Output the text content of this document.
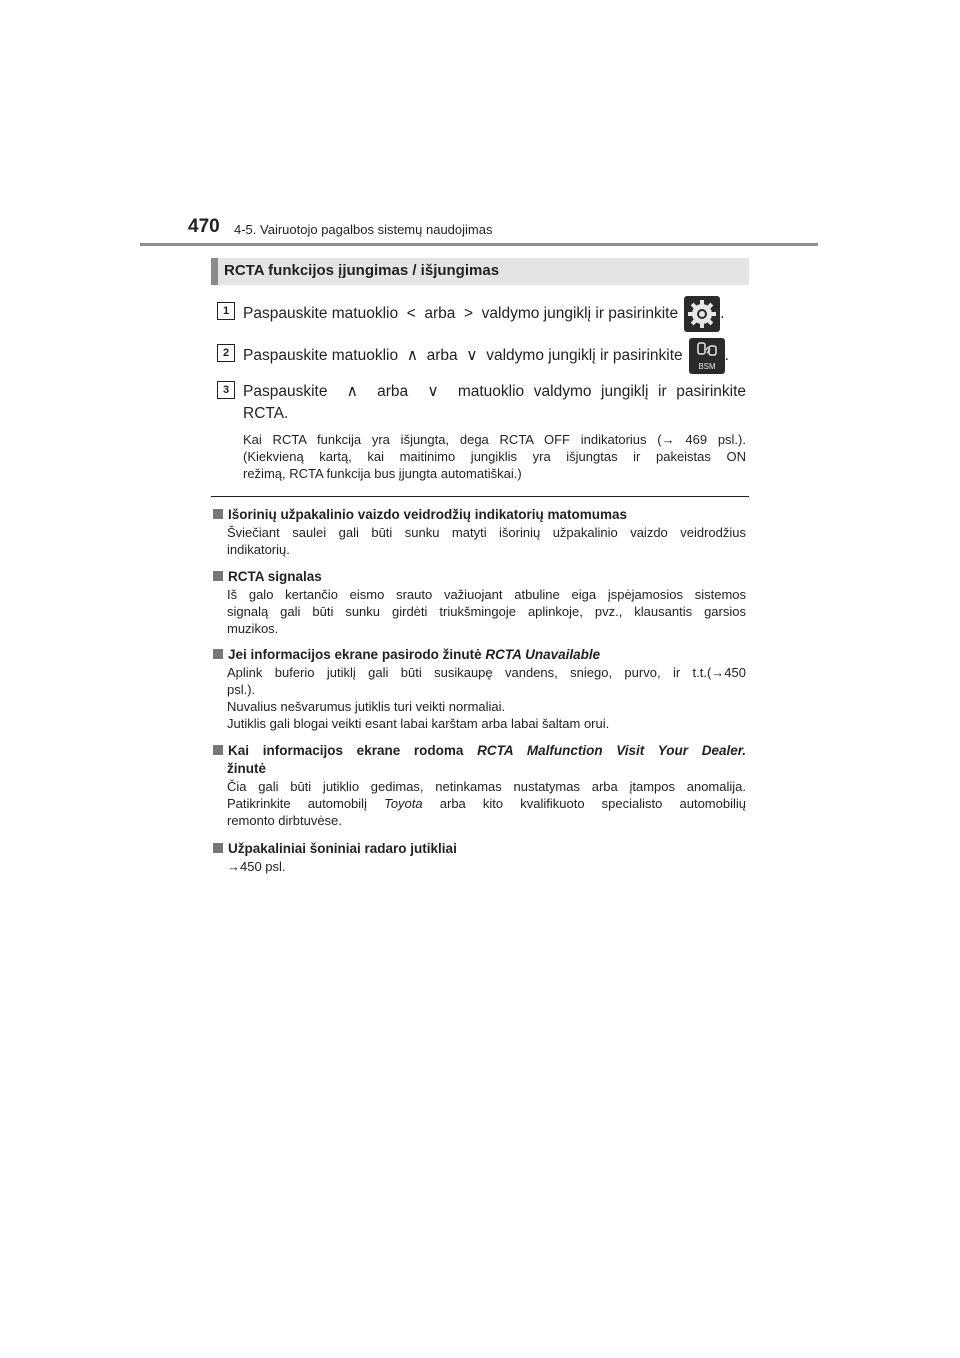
470 4-5. Vairuotojo pagalbos sistemų naudojimas
RCTA funkcijos įjungimas / išjungimas
1 Paspauskite matuoklio  <  arba  >  valdymo jungiklį ir pasirinkite	.
2 Paspauskite matuoklio  ∧  arba  ∨  valdymo jungiklį ir pasirinkite
BSM
.
3 Paspauskite  ∧  arba  ∨  matuoklio valdymo jungiklį ir pasirinkite
RCTA.
Kai RCTA funkcija yra išjungta, dega RCTA OFF indikatorius (→ 469 psl.).
(Kiekvieną kartą, kai maitinimo jungiklis yra išjungtas ir pakeistas ON
režimą, RCTA funkcija bus įjungta automatiškai.)
Išorinių užpakalinio vaizdo veidrodžių indikatorių matomumas
Šviečiant saulei gali būti sunku matyti išorinių užpakalinio vaizdo veidrodžius
indikatorių.
RCTA signalas
Iš galo kertančio eismo srauto važiuojant atbuline eiga įspėjamosios sistemos
signalą gali būti sunku girdėti triukšmingoje aplinkoje, pvz., klausantis garsios
muzikos.
Jei informacijos ekrane pasirodo žinutė RCTA Unavailable
Aplink buferio jutiklį gali būti susikaupę vandens, sniego, purvo, ir t.t.(→450
psl.).
Nuvalius nešvarumus jutiklis turi veikti normaliai.
Jutiklis gali blogai veikti esant labai karštam arba labai šaltam orui.
Kai informacijos ekrane rodoma RCTA Malfunction Visit Your Dealer.
žinutė
Čia gali būti jutiklio gedimas, netinkamas nustatymas arba įtampos anomalija.
Patikrinkite automobilį Toyota arba kito kvalifikuoto specialisto automobilių
remonto dirbtuvėse.
Užpakaliniai šoniniai radaro jutikliai
→450 psl.
